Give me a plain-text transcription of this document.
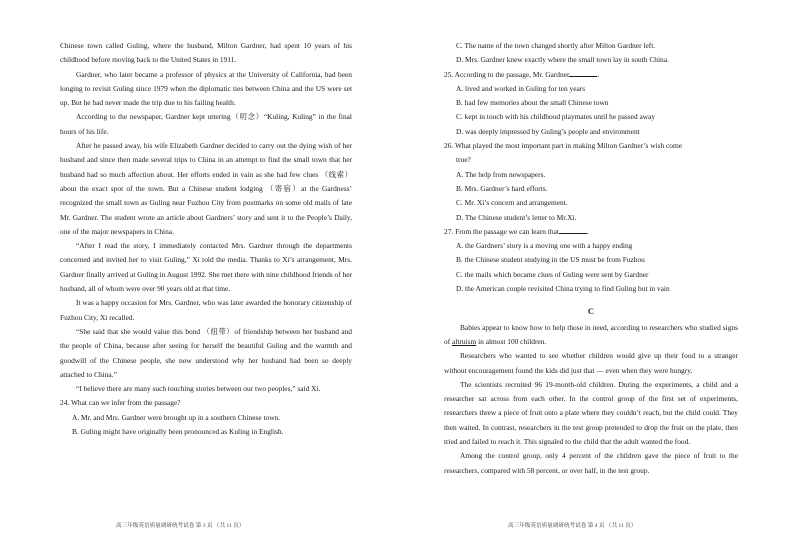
Chinese town called Guling, where the husband, Milton Gardner, had spent 10 years of his childhood before moving back to the United States in 1911.

Gardner, who later became a professor of physics at the University of California, had been longing to revisit Guling since 1979 when the diplomatic ties between China and the US were set up. But he had never made the trip due to his failing health.

According to the newspaper, Gardner kept uttering（叨念）“Kuling, Kuling” in the final hours of his life.

After he passed away, his wife Elizabeth Gardner decided to carry out the dying wish of her husband and since then made several trips to China in an attempt to find the small town that her husband had so much affection about. Her efforts ended in vain as she had few clues （线索）about the exact spot of the town. But a Chinese student lodging （寄宿）at the Gardness’ recognized the small town as Guling near Fuzhou City from postmarks on some old mails of late Mr. Gardner. The student wrote an article about Gardners’ story and sent it to the People’s Daily, one of the major newspapers in China.

“After I read the story, I immediately contacted Mrs. Gardner through the departments concerned and invited her to visit Guling,” Xi told the media. Thanks to Xi’s arrangement, Mrs. Gardner finally arrived at Guling in August 1992. She met there with nine childhood friends of her husband, all of whom were over 90 years old at that time.

It was a happy occasion for Mrs. Gardner, who was later awarded the honorary citizenship of Fuzhou City, Xi recalled.

“She said that she would value this bond （纽带）of friendship between her husband and the people of China, because after seeing for herself the beautiful Guling and the warmth and goodwill of the Chinese people, she now understood why her husband had been so deeply attached to China.”

“I believe there are many such touching stories between our two peoples,” said Xi.

24. What can we infer from the passage?

A. Mr. and Mrs. Gardner were brought up in a southern Chinese town.

B. Guling might have originally been pronounced as Kuling in English.

C. The name of the town changed shortly after Milton Gardner left.

D. Mrs. Gardner knew exactly where the small town lay in south China.

25. According to the passage, Mr. Gardner	.

A. lived and worked in Guling for ten years

B. had few memories about the small Chinese town

C. kept in touch with his childhood playmates until he passed away

D. was deeply impressed by Guling’s people and environment

26. What played the most important part in making Milton Gardner’s wish come

true?

A. The help from newspapers.

B. Mrs. Gardner’s hard efforts.

C. Mr. Xi’s concern and arrangement.

D. The Chinese student’s letter to Mr.Xi.

27. From the passage we can learn that	.

A. the Gardners’ story is a moving one with a happy ending

B. the Chinese student studying in the US must be from Fuzhou

C. the mails which became clues of Guling were sent by Gardner

D. the American couple revisited China trying to find Guling but in vain

C

Babies appear to know how to help those in need, according to researchers who studied signs of altruism in almost 100 children.

Researchers who wanted to see whether children would give up their food to a stranger without encouragement found the kids did just that — even when they were hungry.

The scientists recruited 96 19-month-old children. During the experiments, a child and a researcher sat across from each other. In the control group of the first set of experiments, researchers threw a piece of fruit onto a plate where they couldn’t reach, but the child could. They then waited. In contrast, researchers in the test group pretended to drop the fruit on the plate, then tried and failed to reach it. This signaled to the child that the adult wanted the food.

Among the control group, only 4 percent of the children gave the piece of fruit to the researchers, compared with 58 percent, or over half, in the test group.

高三年级英语质量调研统考试卷 第 3 页 （共 11 页）	高三年级英语质量调研统考试卷 第 4 页 （共 11 页）
